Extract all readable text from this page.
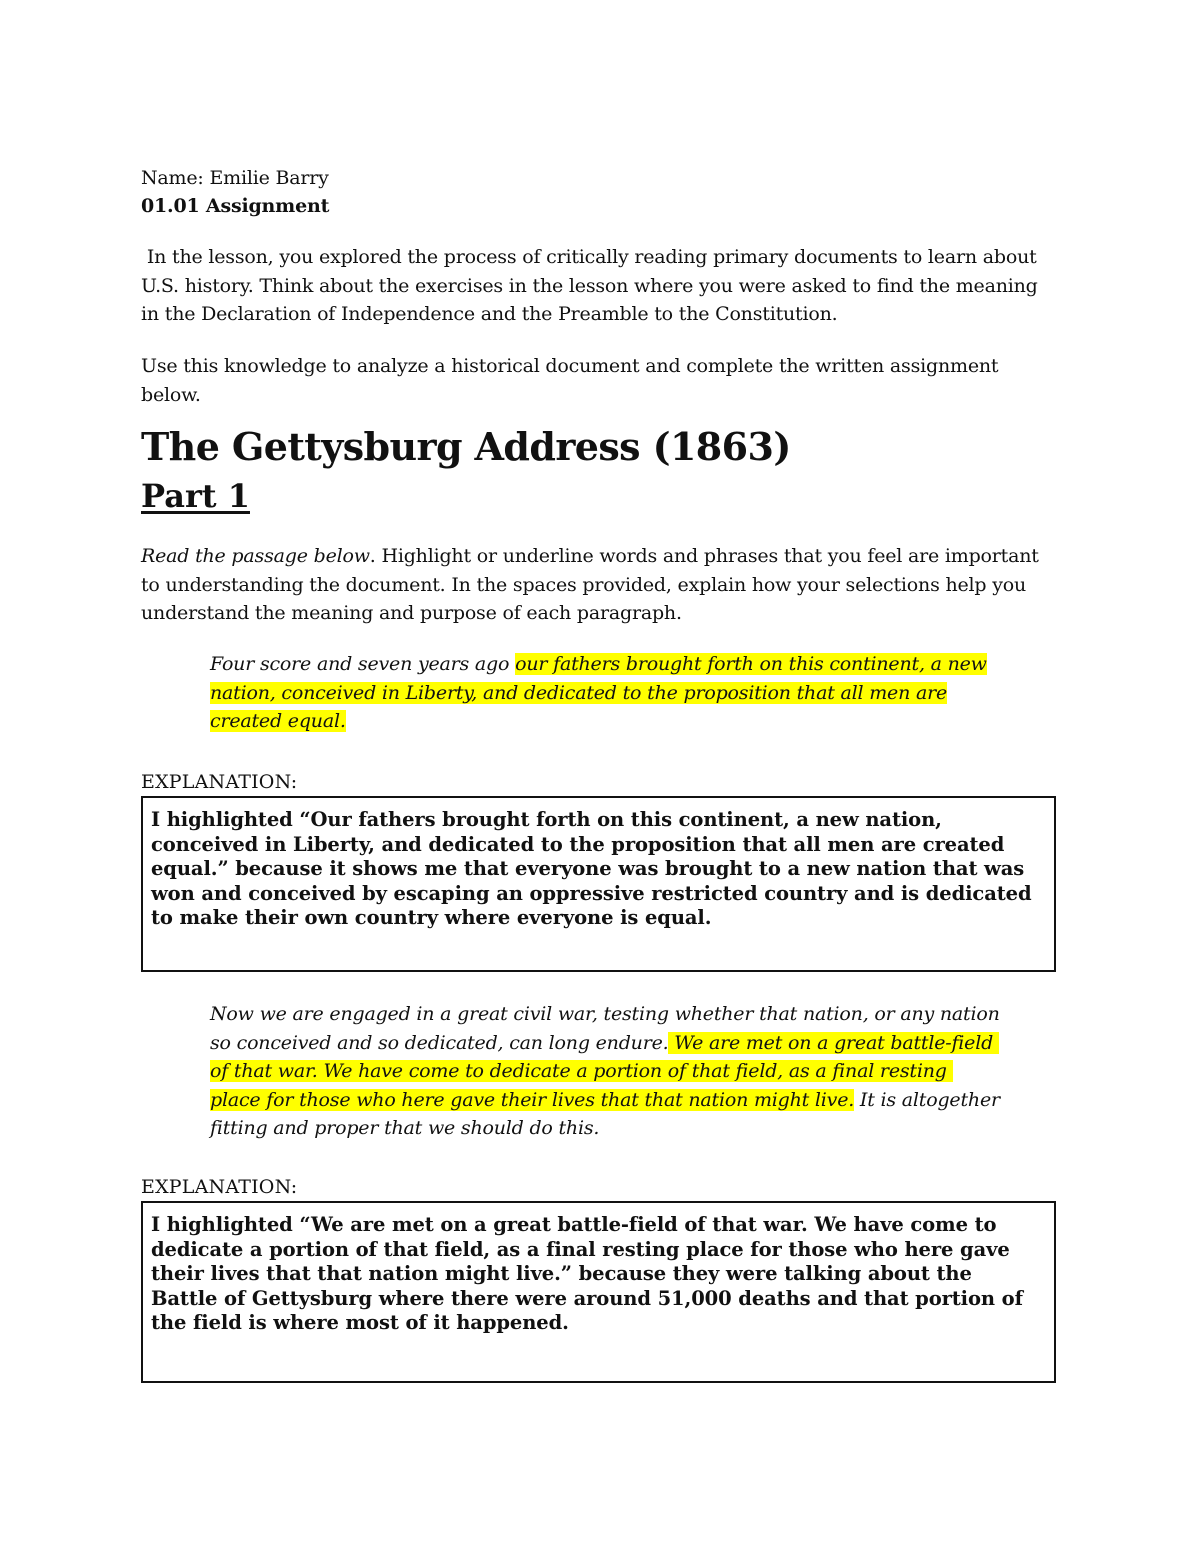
Name: Emilie Barry
01.01 Assignment

In the lesson, you explored the process of critically reading primary documents to learn about U.S. history. Think about the exercises in the lesson where you were asked to find the meaning in the Declaration of Independence and the Preamble to the Constitution.

Use this knowledge to analyze a historical document and complete the written assignment below.

The Gettysburg Address (1863)
Part 1

Read the passage below. Highlight or underline words and phrases that you feel are important to understanding the document. In the spaces provided, explain how your selections help you understand the meaning and purpose of each paragraph.

Four score and seven years ago our fathers brought forth on this continent, a new nation, conceived in Liberty, and dedicated to the proposition that all men are created equal.

EXPLANATION:

I highlighted “Our fathers brought forth on this continent, a new nation, conceived in Liberty, and dedicated to the proposition that all men are created equal.” because it shows me that everyone was brought to a new nation that was won and conceived by escaping an oppressive restricted country and is dedicated to make their own country where everyone is equal.

Now we are engaged in a great civil war, testing whether that nation, or any nation so conceived and so dedicated, can long endure. We are met on a great battle-field of that war. We have come to dedicate a portion of that field, as a final resting place for those who here gave their lives that that nation might live. It is altogether fitting and proper that we should do this.

EXPLANATION:

I highlighted “We are met on a great battle-field of that war. We have come to dedicate a portion of that field, as a final resting place for those who here gave their lives that that nation might live.” because they were talking about the Battle of Gettysburg where there were around 51,000 deaths and that portion of the field is where most of it happened.
